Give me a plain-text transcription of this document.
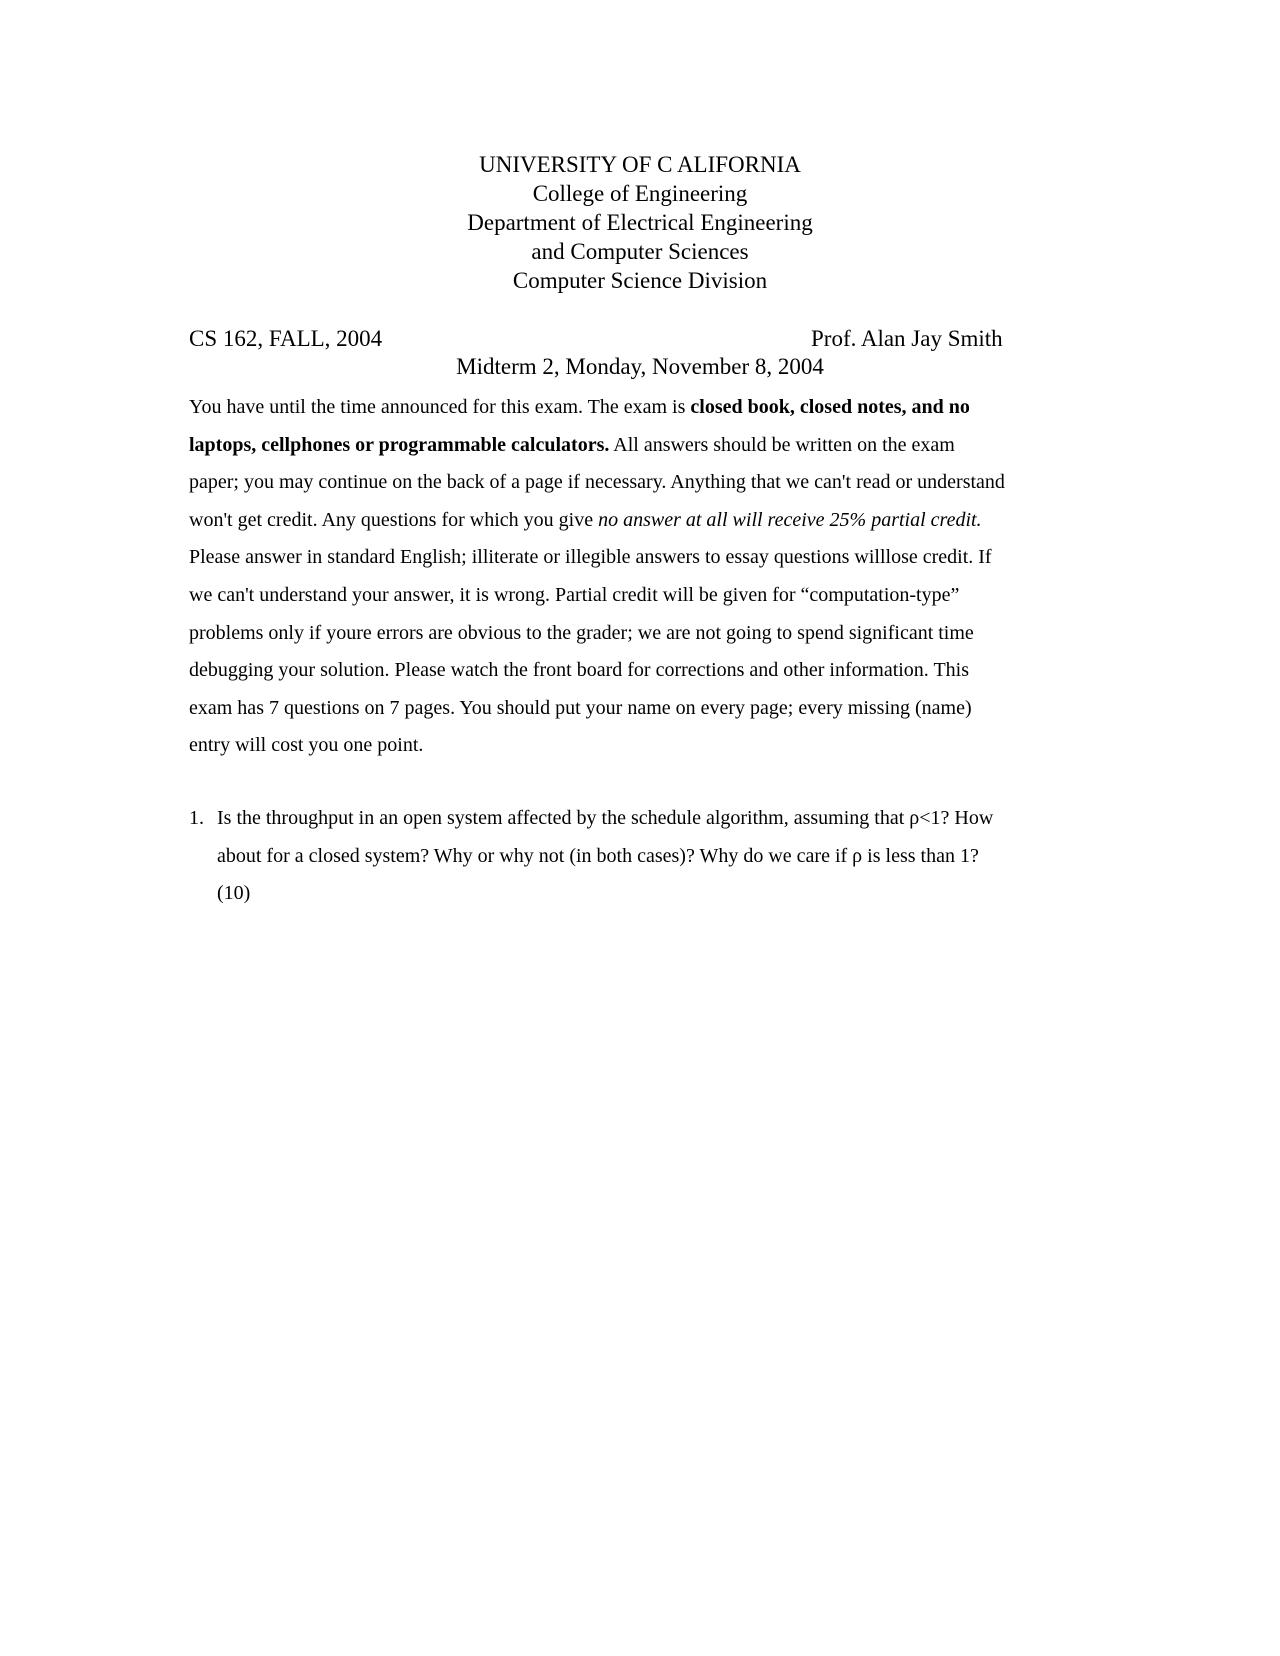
UNIVERSITY OF C ALIFORNIA
College of Engineering
Department of Electrical Engineering
and Computer Sciences
Computer Science Division
CS 162, FALL, 2004	Prof. Alan Jay Smith
Midterm 2, Monday, November 8, 2004
You have until the time announced for this exam. The exam is closed book, closed notes, and no
laptops, cellphones or programmable calculators. All answers should be written on the exam
paper; you may continue on the back of a page if necessary. Anything that we can't read or understand
won't get credit. Any questions for which you give no answer at all will receive 25% partial credit.
Please answer in standard English; illiterate or illegible answers to essay questions willlose credit. If
we can't understand your answer, it is wrong. Partial credit will be given for “computation-type”
problems only if youre errors are obvious to the grader; we are not going to spend significant time
debugging your solution. Please watch the front board for corrections and other information. This
exam has 7 questions on 7 pages. You should put your name on every page; every missing (name)
entry will cost you one point.
1. Is the throughput in an open system affected by the schedule algorithm, assuming that ρ<1? How
about for a closed system? Why or why not (in both cases)? Why do we care if ρ is less than 1?
(10)
